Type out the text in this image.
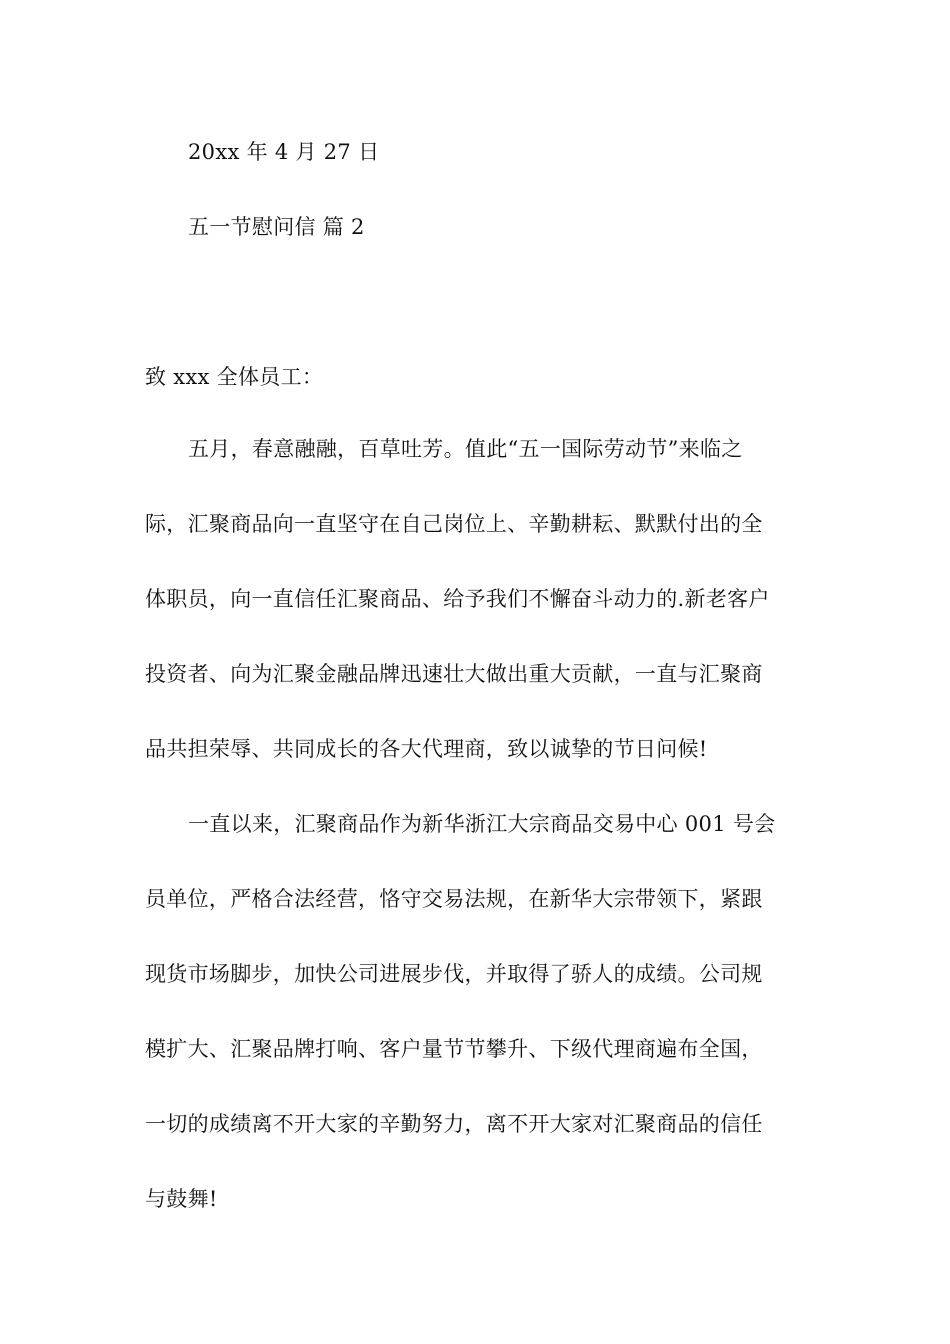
20xx 年 4 月 27 日
五一节慰问信 篇 2
致 xxx 全体员工：
五月，春意融融，百草吐芳。值此“五一国际劳动节”来临之
际，汇聚商品向一直坚守在自己岗位上、辛勤耕耘、默默付出的全
体职员，向一直信任汇聚商品、给予我们不懈奋斗动力的.新老客户
投资者、向为汇聚金融品牌迅速壮大做出重大贡献，一直与汇聚商
品共担荣辱、共同成长的各大代理商，致以诚挚的节日问候!
一直以来，汇聚商品作为新华浙江大宗商品交易中心 001 号会
员单位，严格合法经营，恪守交易法规，在新华大宗带领下，紧跟
现货市场脚步，加快公司进展步伐，并取得了骄人的成绩。公司规
模扩大、汇聚品牌打响、客户量节节攀升、下级代理商遍布全国，
一切的成绩离不开大家的辛勤努力，离不开大家对汇聚商品的信任
与鼓舞!
